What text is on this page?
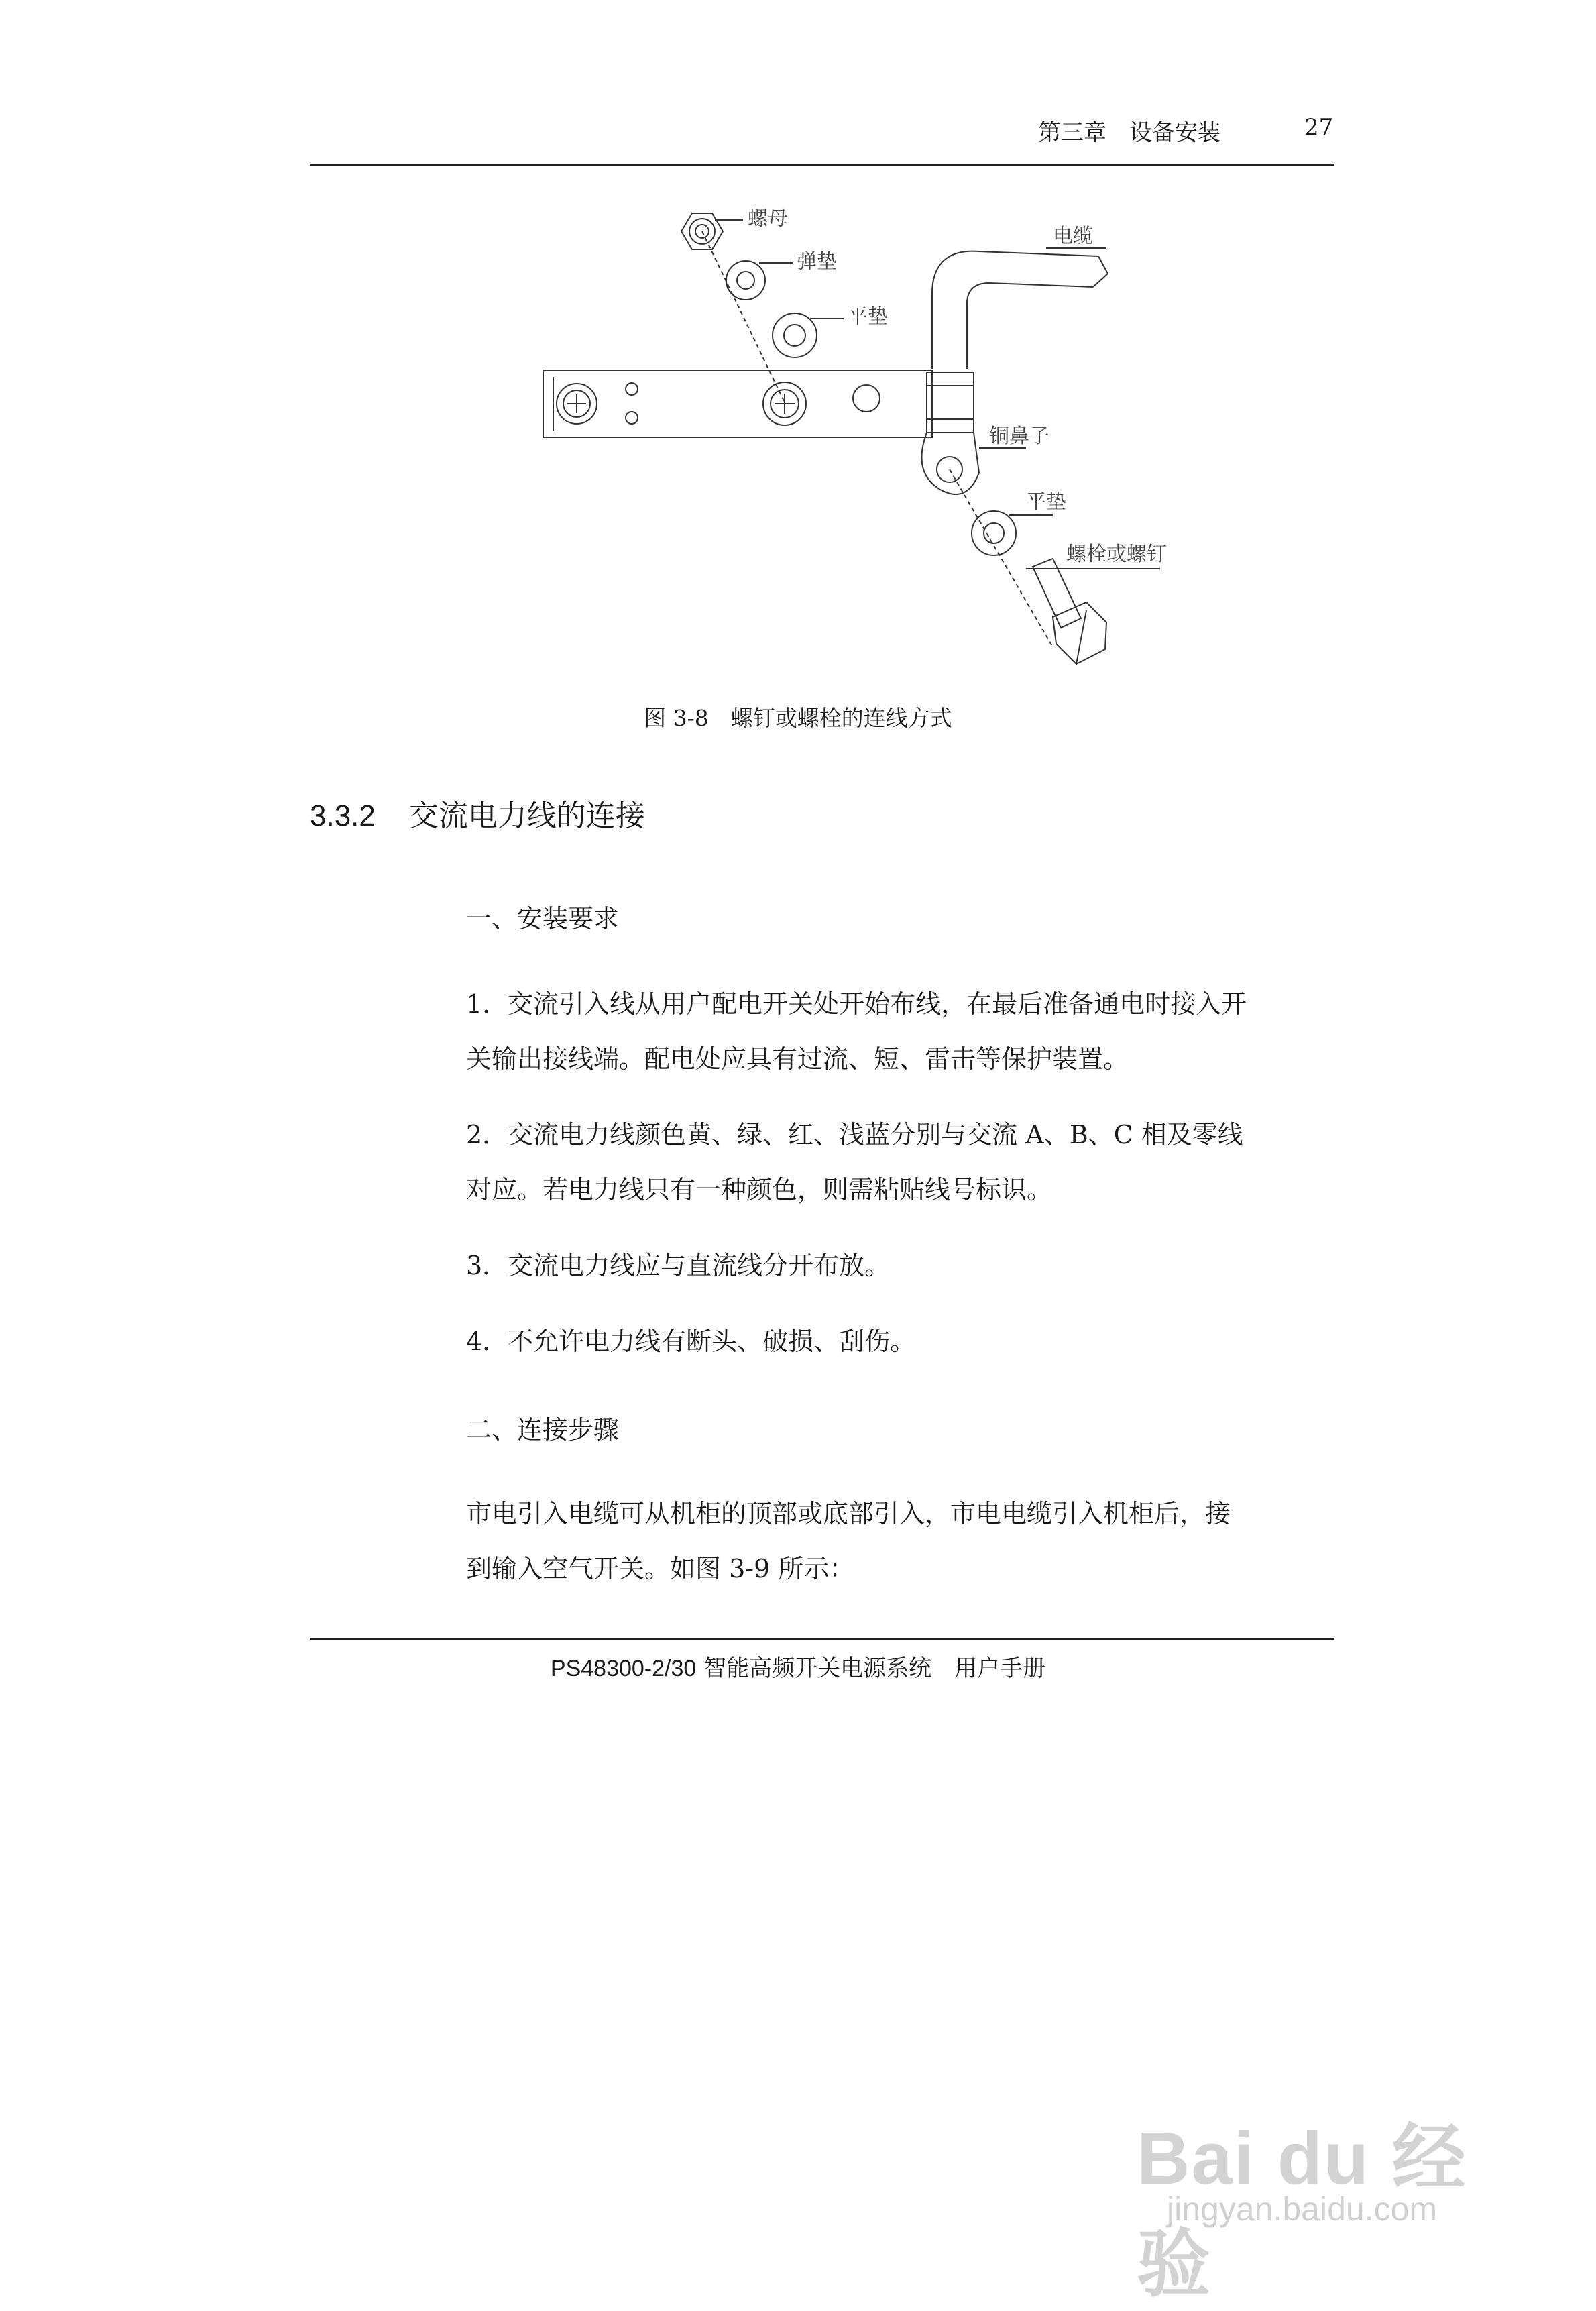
第三章　设备安装	27
螺母
弹垫
平垫
电缆
铜鼻子
平垫
螺栓或螺钉
图 3-8　螺钉或螺栓的连线方式
3.3.2 交流电力线的连接
一、安装要求
1．交流引入线从用户配电开关处开始布线，在最后准备通电时接入开
关输出接线端。配电处应具有过流、短、雷击等保护装置。
2．交流电力线颜色黄、绿、红、浅蓝分别与交流 A、B、C 相及零线
对应。若电力线只有一种颜色，则需粘贴线号标识。
3．交流电力线应与直流线分开布放。
4．不允许电力线有断头、破损、刮伤。
二、连接步骤
市电引入电缆可从机柜的顶部或底部引入，市电电缆引入机柜后，接
到输入空气开关。如图 3-9 所示：
PS48300-2/30 智能高频开关电源系统　用户手册
Bai du 经验
jingyan.baidu.com
